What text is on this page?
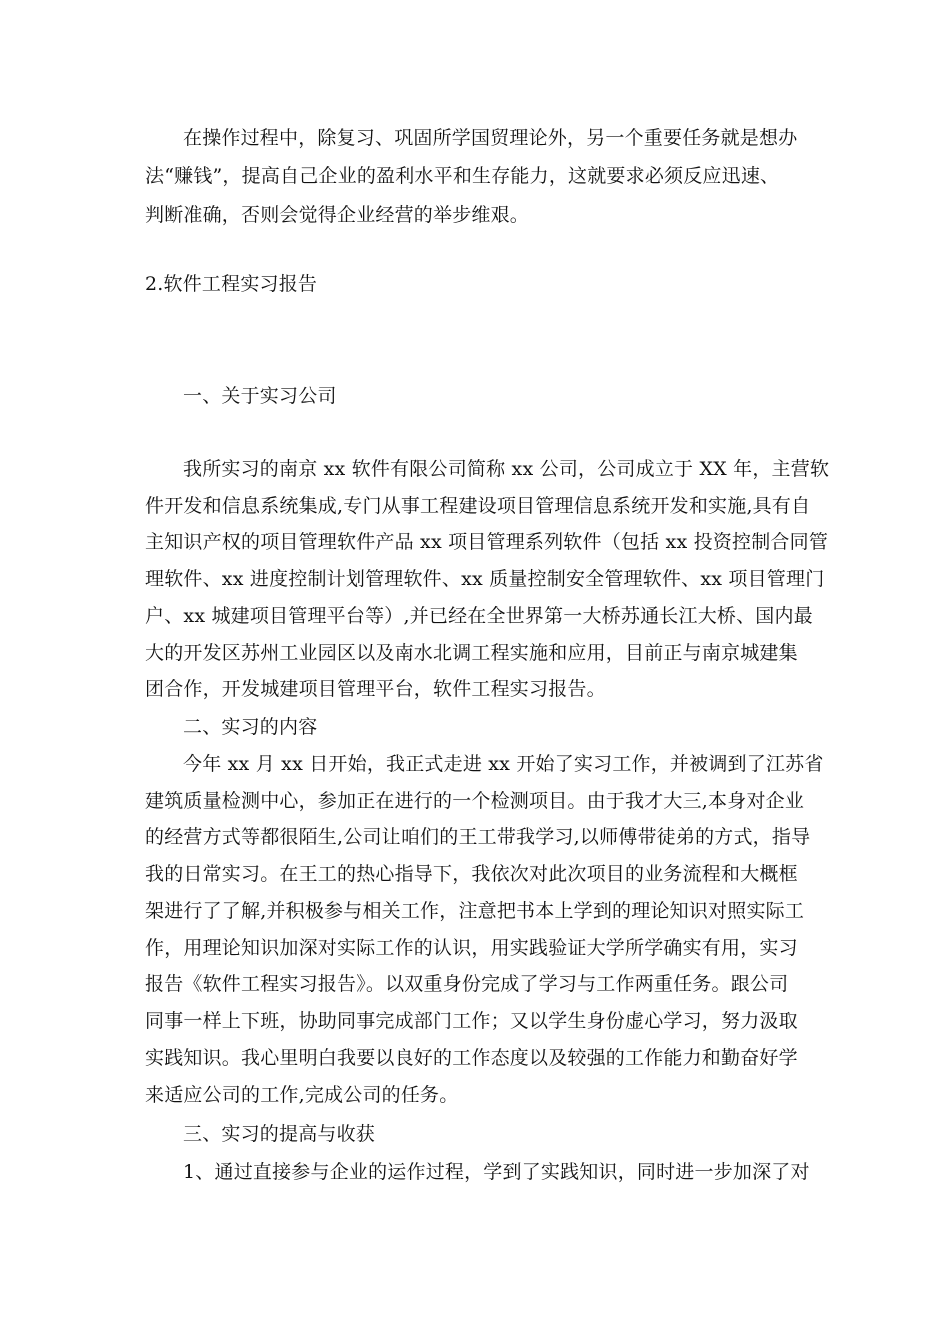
在操作过程中，除复习、巩固所学国贸理论外，另一个重要任务就是想办
法“赚钱”，提高自己企业的盈利水平和生存能力，这就要求必须反应迅速、
判断准确，否则会觉得企业经营的举步维艰。
2.软件工程实习报告
一、关于实习公司
我所实习的南京 xx 软件有限公司简称 xx 公司，公司成立于 XX 年，主营软
件开发和信息系统集成,专门从事工程建设项目管理信息系统开发和实施,具有自
主知识产权的项目管理软件产品 xx 项目管理系列软件（包括 xx 投资控制合同管
理软件、xx 进度控制计划管理软件、xx 质量控制安全管理软件、xx 项目管理门
户、xx 城建项目管理平台等）,并已经在全世界第一大桥苏通长江大桥、国内最
大的开发区苏州工业园区以及南水北调工程实施和应用，目前正与南京城建集
团合作，开发城建项目管理平台，软件工程实习报告。
二、实习的内容
今年 xx 月 xx 日开始，我正式走进 xx 开始了实习工作，并被调到了江苏省
建筑质量检测中心，参加正在进行的一个检测项目。由于我才大三,本身对企业
的经营方式等都很陌生,公司让咱们的王工带我学习,以师傅带徒弟的方式，指导
我的日常实习。在王工的热心指导下，我依次对此次项目的业务流程和大概框
架进行了了解,并积极参与相关工作，注意把书本上学到的理论知识对照实际工
作，用理论知识加深对实际工作的认识，用实践验证大学所学确实有用，实习
报告《软件工程实习报告》。以双重身份完成了学习与工作两重任务。跟公司
同事一样上下班，协助同事完成部门工作；又以学生身份虚心学习，努力汲取
实践知识。我心里明白我要以良好的工作态度以及较强的工作能力和勤奋好学
来适应公司的工作,完成公司的任务。
三、实习的提高与收获
1、通过直接参与企业的运作过程，学到了实践知识，同时进一步加深了对
